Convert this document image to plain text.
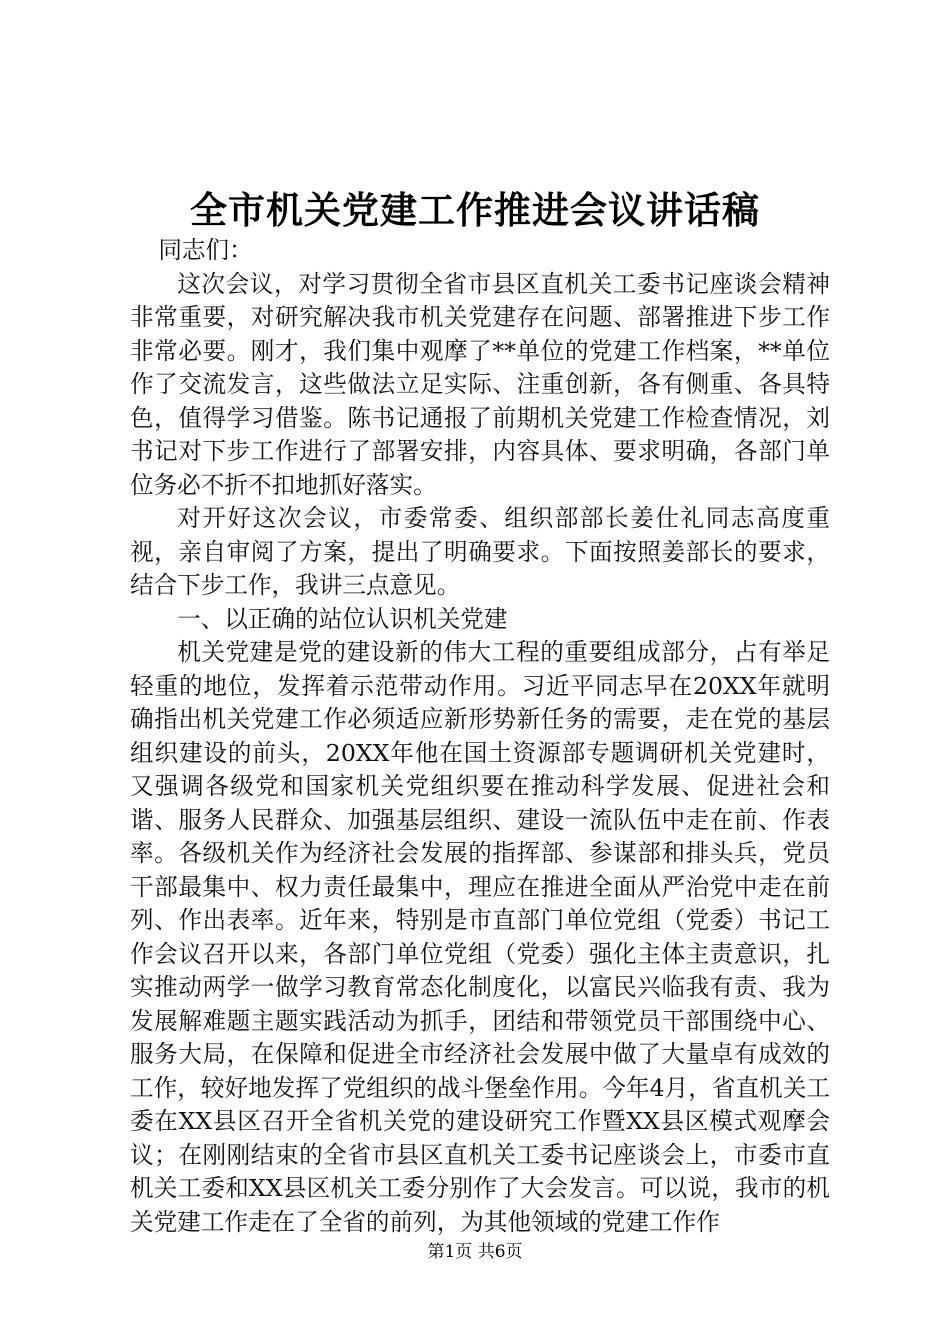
全市机关党建工作推进会议讲话稿

同志们：

这次会议，对学习贯彻全省市县区直机关工委书记座谈会精神非常重要，对研究解决我市机关党建存在问题、部署推进下步工作非常必要。刚才，我们集中观摩了**单位的党建工作档案，**单位作了交流发言，这些做法立足实际、注重创新，各有侧重、各具特色，值得学习借鉴。陈书记通报了前期机关党建工作检查情况，刘书记对下步工作进行了部署安排，内容具体、要求明确，各部门单位务必不折不扣地抓好落实。

对开好这次会议，市委常委、组织部部长姜仕礼同志高度重视，亲自审阅了方案，提出了明确要求。下面按照姜部长的要求，结合下步工作，我讲三点意见。

一、以正确的站位认识机关党建

机关党建是党的建设新的伟大工程的重要组成部分，占有举足轻重的地位，发挥着示范带动作用。习近平同志早在20XX年就明确指出机关党建工作必须适应新形势新任务的需要，走在党的基层组织建设的前头，20XX年他在国土资源部专题调研机关党建时，又强调各级党和国家机关党组织要在推动科学发展、促进社会和谐、服务人民群众、加强基层组织、建设一流队伍中走在前、作表率。各级机关作为经济社会发展的指挥部、参谋部和排头兵，党员干部最集中、权力责任最集中，理应在推进全面从严治党中走在前列、作出表率。近年来，特别是市直部门单位党组（党委）书记工作会议召开以来，各部门单位党组（党委）强化主体主责意识，扎实推动两学一做学习教育常态化制度化，以富民兴临我有责、我为发展解难题主题实践活动为抓手，团结和带领党员干部围绕中心、服务大局，在保障和促进全市经济社会发展中做了大量卓有成效的工作，较好地发挥了党组织的战斗堡垒作用。今年4月，省直机关工委在XX县区召开全省机关党的建设研究工作暨XX县区模式观摩会议；在刚刚结束的全省市县区直机关工委书记座谈会上，市委市直机关工委和XX县区机关工委分别作了大会发言。可以说，我市的机关党建工作走在了全省的前列，为其他领域的党建工作作

第1页 共6页
